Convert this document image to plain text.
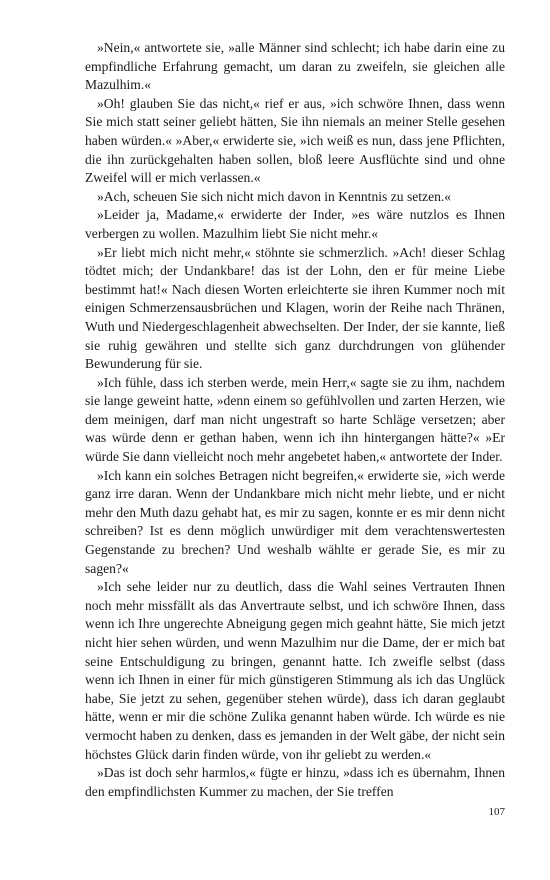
»Nein,« antwortete sie, »alle Männer sind schlecht; ich habe darin eine zu empfindliche Erfahrung gemacht, um daran zu zweifeln, sie gleichen alle Mazulhim.«

»Oh! glauben Sie das nicht,« rief er aus, »ich schwöre Ihnen, dass wenn Sie mich statt seiner geliebt hätten, Sie ihn niemals an meiner Stelle gesehen haben würden.« »Aber,« erwiderte sie, »ich weiß es nun, dass jene Pflichten, die ihn zurückgehalten haben sollen, bloß leere Ausflüchte sind und ohne Zweifel will er mich verlassen.«

»Ach, scheuen Sie sich nicht mich davon in Kenntnis zu setzen.«

»Leider ja, Madame,« erwiderte der Inder, »es wäre nutzlos es Ihnen verbergen zu wollen. Mazulhim liebt Sie nicht mehr.«

»Er liebt mich nicht mehr,« stöhnte sie schmerzlich. »Ach! dieser Schlag tödtet mich; der Undankbare! das ist der Lohn, den er für meine Liebe bestimmt hat!« Nach diesen Worten erleichterte sie ihren Kummer noch mit einigen Schmerzensausbrüchen und Klagen, worin der Reihe nach Thränen, Wuth und Niedergeschlagenheit abwechselten. Der Inder, der sie kannte, ließ sie ruhig gewähren und stellte sich ganz durchdrungen von glühender Bewunderung für sie.

»Ich fühle, dass ich sterben werde, mein Herr,« sagte sie zu ihm, nachdem sie lange geweint hatte, »denn einem so gefühlvollen und zarten Herzen, wie dem meinigen, darf man nicht ungestraft so harte Schläge versetzen; aber was würde denn er gethan haben, wenn ich ihn hintergangen hätte?« »Er würde Sie dann vielleicht noch mehr angebetet haben,« antwortete der Inder.

»Ich kann ein solches Betragen nicht begreifen,« erwiderte sie, »ich werde ganz irre daran. Wenn der Undankbare mich nicht mehr liebte, und er nicht mehr den Muth dazu gehabt hat, es mir zu sagen, konnte er es mir denn nicht schreiben? Ist es denn möglich unwürdiger mit dem verachtenswertesten Gegenstande zu brechen? Und weshalb wählte er gerade Sie, es mir zu sagen?«

»Ich sehe leider nur zu deutlich, dass die Wahl seines Vertrauten Ihnen noch mehr missfällt als das Anvertraute selbst, und ich schwöre Ihnen, dass wenn ich Ihre ungerechte Abneigung gegen mich geahnt hätte, Sie mich jetzt nicht hier sehen würden, und wenn Mazulhim nur die Dame, der er mich bat seine Entschuldigung zu bringen, genannt hatte. Ich zweifle selbst (dass wenn ich Ihnen in einer für mich günstigeren Stimmung als ich das Unglück habe, Sie jetzt zu sehen, gegenüber stehen würde), dass ich daran geglaubt hätte, wenn er mir die schöne Zulika genannt haben würde. Ich würde es nie vermocht haben zu denken, dass es jemanden in der Welt gäbe, der nicht sein höchstes Glück darin finden würde, von ihr geliebt zu werden.«

»Das ist doch sehr harmlos,« fügte er hinzu, »dass ich es übernahm, Ihnen den empfindlichsten Kummer zu machen, der Sie treffen

107
